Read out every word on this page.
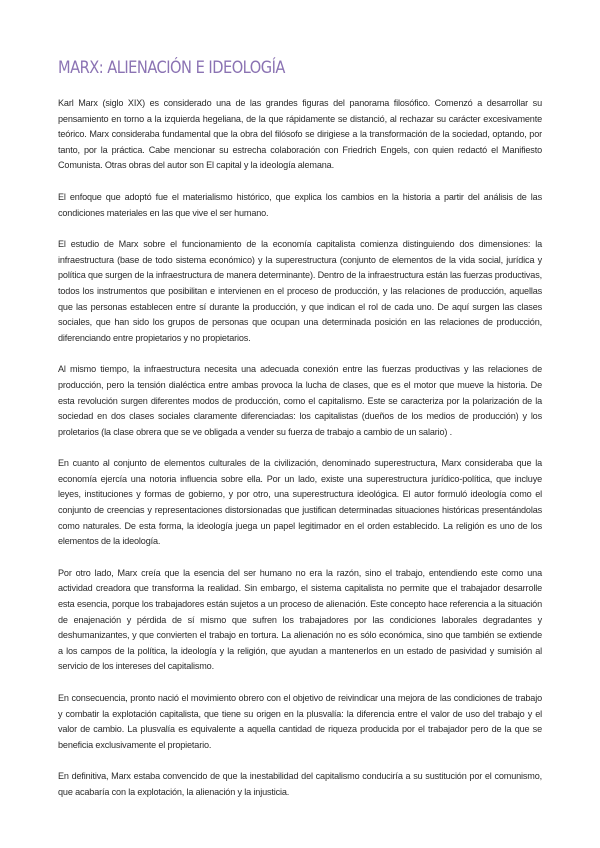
MARX: ALIENACIÓN E IDEOLOGÍA

Karl Marx (siglo XIX) es considerado una de las grandes figuras del panorama filosófico. Comenzó a desarrollar su pensamiento en torno a la izquierda hegeliana, de la que rápidamente se distanció, al rechazar su carácter excesivamente teórico. Marx consideraba fundamental que la obra del filósofo se dirigiese a la transformación de la sociedad, optando, por tanto, por la práctica. Cabe mencionar su estrecha colaboración con Friedrich Engels, con quien redactó el Manifiesto Comunista. Otras obras del autor son El capital y la ideología alemana.

El enfoque que adoptó fue el materialismo histórico, que explica los cambios en la historia a partir del análisis de las condiciones materiales en las que vive el ser humano.

El estudio de Marx sobre el funcionamiento de la economía capitalista comienza distinguiendo dos dimensiones: la infraestructura (base de todo sistema económico) y la superestructura (conjunto de elementos de la vida social, jurídica y política que surgen de la infraestructura de manera determinante). Dentro de la infraestructura están las fuerzas productivas, todos los instrumentos que posibilitan e intervienen en el proceso de producción, y las relaciones de producción, aquellas que las personas establecen entre sí durante la producción, y que indican el rol de cada uno. De aquí surgen las clases sociales, que han sido los grupos de personas que ocupan una determinada posición en las relaciones de producción, diferenciando entre propietarios y no propietarios.

Al mismo tiempo, la infraestructura necesita una adecuada conexión entre las fuerzas productivas y las relaciones de producción, pero la tensión dialéctica entre ambas provoca la lucha de clases, que es el motor que mueve la historia. De esta revolución surgen diferentes modos de producción, como el capitalismo. Este se caracteriza por la polarización de la sociedad en dos clases sociales claramente diferenciadas: los capitalistas (dueños de los medios de producción) y los proletarios (la clase obrera que se ve obligada a vender su fuerza de trabajo a cambio de un salario) .

En cuanto al conjunto de elementos culturales de la civilización, denominado superestructura, Marx consideraba que la economía ejercía una notoria influencia sobre ella. Por un lado, existe una superestructura jurídico-política, que incluye leyes, instituciones y formas de gobierno, y por otro, una superestructura ideológica. El autor formuló ideología como el conjunto de creencias y representaciones distorsionadas que justifican determinadas situaciones históricas presentándolas como naturales. De esta forma, la ideología juega un papel legitimador en el orden establecido. La religión es uno de los elementos de la ideología.

Por otro lado, Marx creía que la esencia del ser humano no era la razón, sino el trabajo, entendiendo este como una actividad creadora que transforma la realidad. Sin embargo, el sistema capitalista no permite que el trabajador desarrolle esta esencia, porque los trabajadores están sujetos a un proceso de alienación. Este concepto hace referencia a la situación de enajenación y pérdida de sí mismo que sufren los trabajadores por las condiciones laborales degradantes y deshumanizantes, y que convierten el trabajo en tortura. La alienación no es sólo económica, sino que también se extiende a los campos de la política, la ideología y la religión, que ayudan a mantenerlos en un estado de pasividad y sumisión al servicio de los intereses del capitalismo.

En consecuencia, pronto nació el movimiento obrero con el objetivo de reivindicar una mejora de las condiciones de trabajo y combatir la explotación capitalista, que tiene su origen en la plusvalía: la diferencia entre el valor de uso del trabajo y el valor de cambio. La plusvalía es equivalente a aquella cantidad de riqueza producida por el trabajador pero de la que se beneficia exclusivamente el propietario.

En definitiva, Marx estaba convencido de que la inestabilidad del capitalismo conduciría a su sustitución por el comunismo, que acabaría con la explotación, la alienación y la injusticia.
